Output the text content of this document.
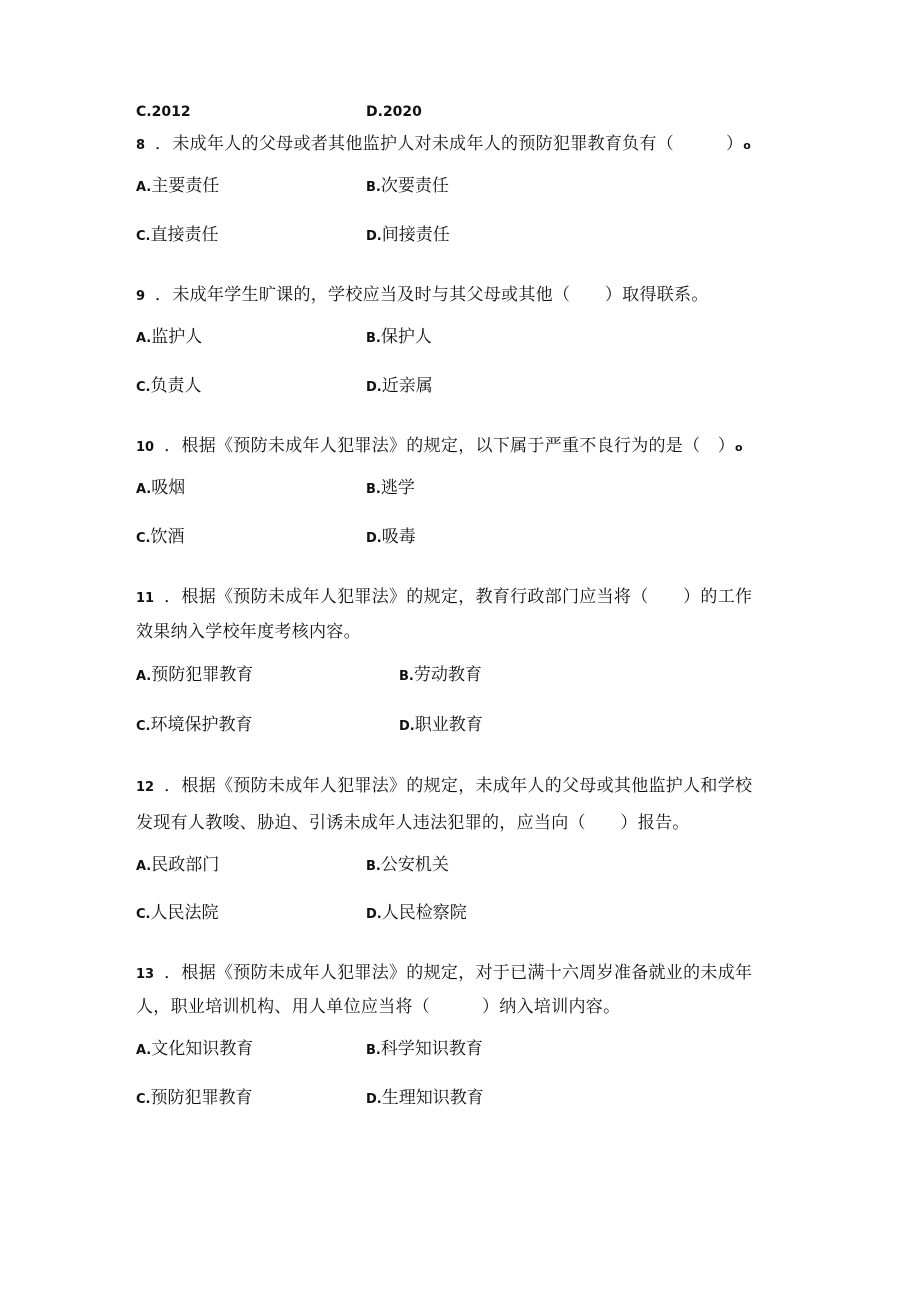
C.2012	D.2020
8 ．未成年人的父母或者其他监护人对未成年人的预防犯罪教育负有（　　　）o
A.主要责任	B.次要责任
C.直接责任	D.间接责任
9 ．未成年学生旷课的，学校应当及时与其父母或其他（　　）取得联系。
A.监护人	B.保护人
C.负责人	D.近亲属
10 ．根据《预防未成年人犯罪法》的规定，以下属于严重不良行为的是（　）o
A.吸烟	B.逃学
C.饮酒	D.吸毒
11 ．根据《预防未成年人犯罪法》的规定，教育行政部门应当将（　　）的工作
效果纳入学校年度考核内容。
A.预防犯罪教育	B.劳动教育
C.环境保护教育	D.职业教育
12 ．根据《预防未成年人犯罪法》的规定，未成年人的父母或其他监护人和学校
发现有人教唆、胁迫、引诱未成年人违法犯罪的，应当向（　　）报告。
A.民政部门	B.公安机关
C.人民法院	D.人民检察院
13 ．根据《预防未成年人犯罪法》的规定，对于已满十六周岁准备就业的未成年
人，职业培训机构、用人单位应当将（　　　）纳入培训内容。
A.文化知识教育	B.科学知识教育
C.预防犯罪教育	D.生理知识教育
